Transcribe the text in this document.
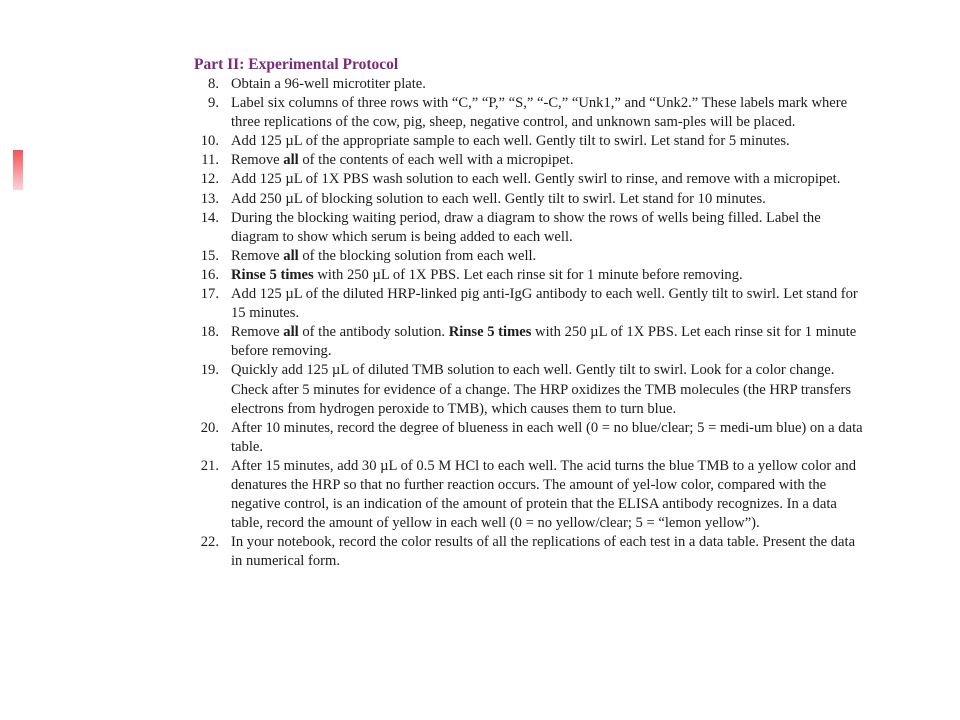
Part II: Experimental Protocol
8. Obtain a 96-well microtiter plate.
9. Label six columns of three rows with “C,” “P,” “S,” “-C,” “Unk1,” and “Unk2.” These labels mark where three replications of the cow, pig, sheep, negative control, and unknown sam-ples will be placed.
10. Add 125 µL of the appropriate sample to each well. Gently tilt to swirl. Let stand for 5 minutes.
11. Remove all of the contents of each well with a micropipet.
12. Add 125 µL of 1X PBS wash solution to each well. Gently swirl to rinse, and remove with a micropipet.
13. Add 250 µL of blocking solution to each well. Gently tilt to swirl. Let stand for 10 minutes.
14. During the blocking waiting period, draw a diagram to show the rows of wells being filled. Label the diagram to show which serum is being added to each well.
15. Remove all of the blocking solution from each well.
16. Rinse 5 times with 250 µL of 1X PBS. Let each rinse sit for 1 minute before removing.
17. Add 125 µL of the diluted HRP-linked pig anti-IgG antibody to each well. Gently tilt to swirl. Let stand for 15 minutes.
18. Remove all of the antibody solution. Rinse 5 times with 250 µL of 1X PBS. Let each rinse sit for 1 minute before removing.
19. Quickly add 125 µL of diluted TMB solution to each well. Gently tilt to swirl. Look for a color change. Check after 5 minutes for evidence of a change. The HRP oxidizes the TMB molecules (the HRP transfers electrons from hydrogen peroxide to TMB), which causes them to turn blue.
20. After 10 minutes, record the degree of blueness in each well (0 = no blue/clear; 5 = medi-um blue) on a data table.
21. After 15 minutes, add 30 µL of 0.5 M HCl to each well. The acid turns the blue TMB to a yellow color and denatures the HRP so that no further reaction occurs. The amount of yel-low color, compared with the negative control, is an indication of the amount of protein that the ELISA antibody recognizes. In a data table, record the amount of yellow in each well (0 = no yellow/clear; 5 = “lemon yellow”).
22. In your notebook, record the color results of all the replications of each test in a data table. Present the data in numerical form.
